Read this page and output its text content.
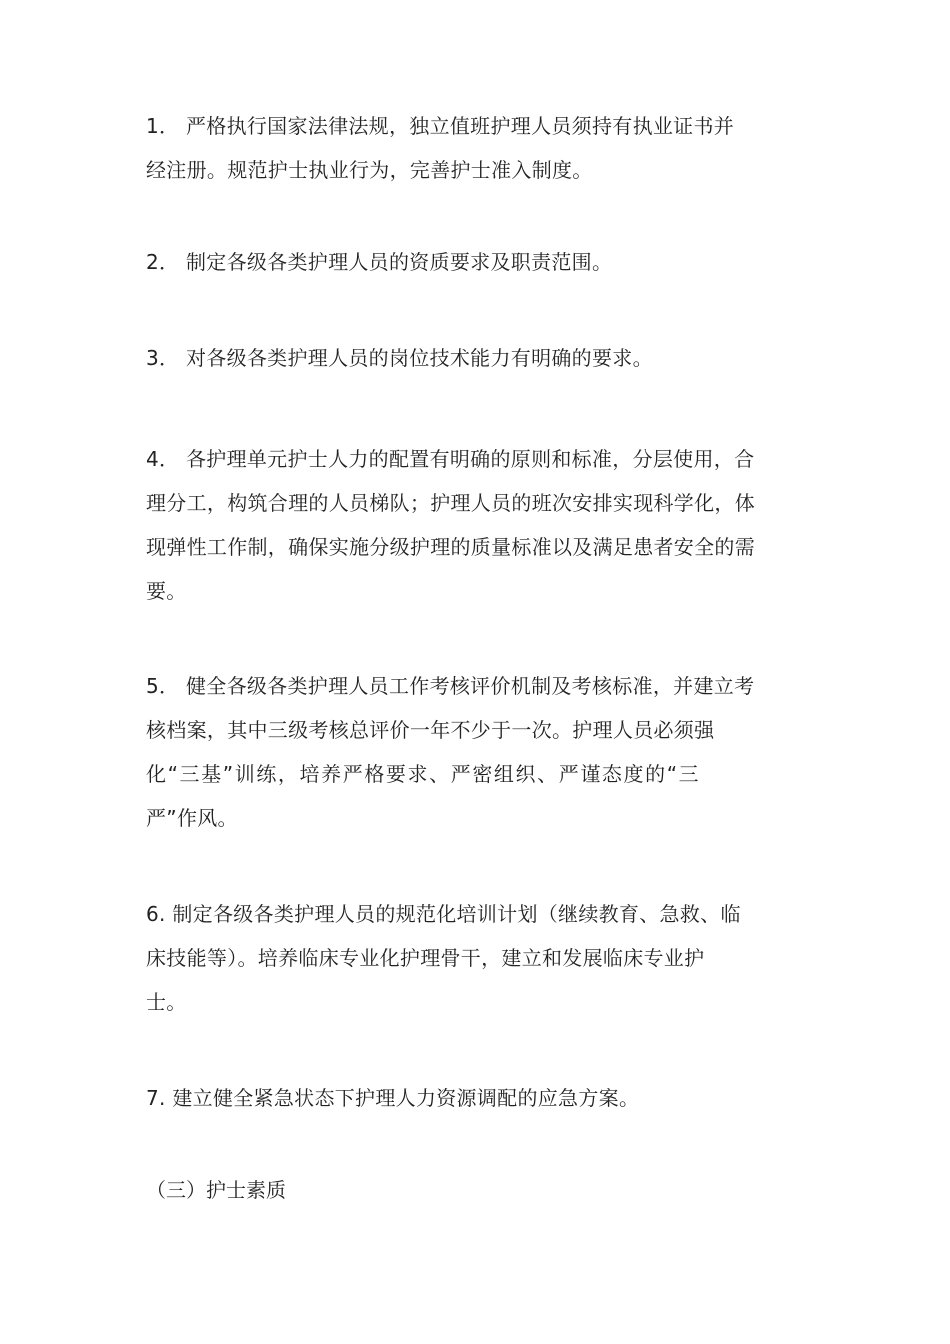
1． 严格执行国家法律法规，独立值班护理人员须持有执业证书并
经注册。规范护士执业行为，完善护士准入制度。

2． 制定各级各类护理人员的资质要求及职责范围。

3． 对各级各类护理人员的岗位技术能力有明确的要求。

4． 各护理单元护士人力的配置有明确的原则和标准，分层使用，合
理分工，构筑合理的人员梯队；护理人员的班次安排实现科学化，体
现弹性工作制，确保实施分级护理的质量标准以及满足患者安全的需
要。

5． 健全各级各类护理人员工作考核评价机制及考核标准，并建立考
核档案，其中三级考核总评价一年不少于一次。护理人员必须强
化“三基”训练，培养严格要求、严密组织、严谨态度的“三
严”作风。

6. 制定各级各类护理人员的规范化培训计划（继续教育、急救、临
床技能等）。培养临床专业化护理骨干，建立和发展临床专业护
士。

7. 建立健全紧急状态下护理人力资源调配的应急方案。

（三）护士素质
